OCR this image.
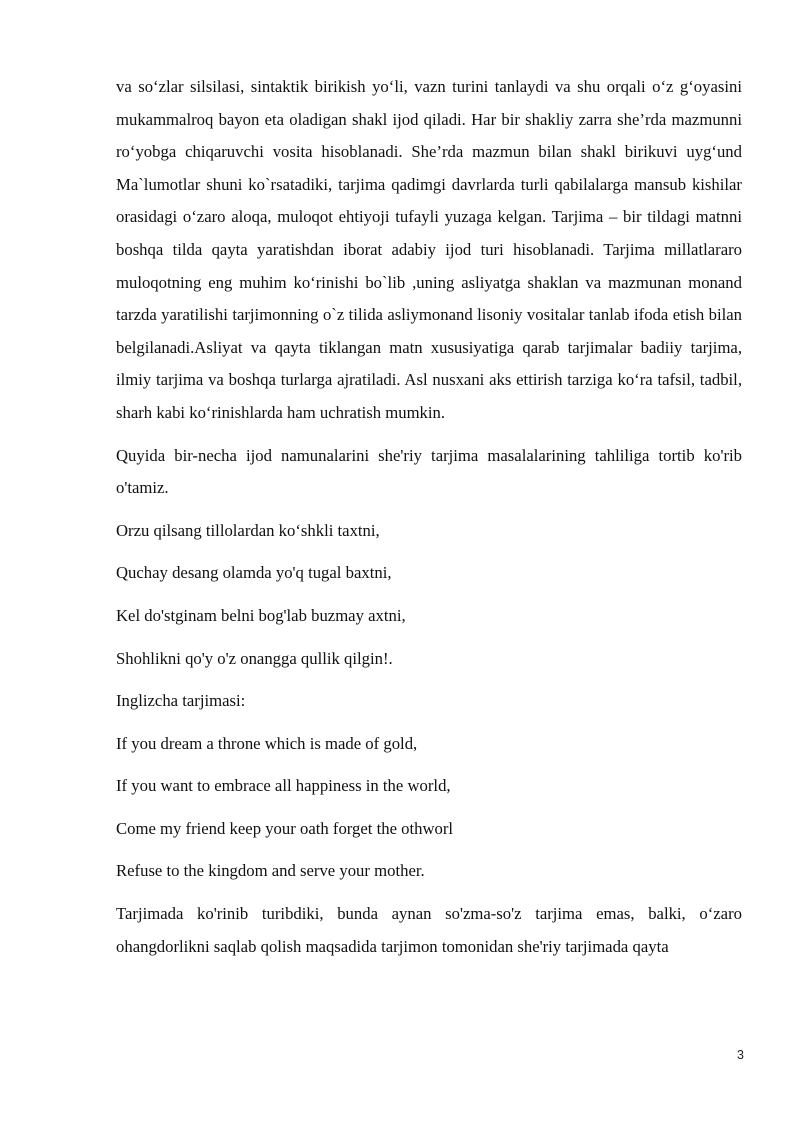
va so‘zlar silsilasi, sintaktik birikish yo‘li, vazn turini tanlaydi va shu orqali o‘z g‘oyasini mukammalroq bayon eta oladigan shakl ijod qiladi. Har bir shakliy zarra she’rda mazmunni ro‘yobga chiqaruvchi vosita hisoblanadi. She’rda mazmun bilan shakl birikuvi uyg‘und Ma`lumotlar shuni ko`rsatadiki, tarjima qadimgi davrlarda turli qabilalarga mansub kishilar orasidagi o‘zaro aloqa, muloqot ehtiyoji tufayli yuzaga kelgan. Tarjima – bir tildagi matnni boshqa tilda qayta yaratishdan iborat adabiy ijod turi hisoblanadi. Tarjima millatlararo muloqotning eng muhim ko‘rinishi bo`lib ,uning asliyatga shaklan va mazmunan monand tarzda yaratilishi tarjimonning o`z tilida asliymonand lisoniy vositalar tanlab ifoda etish bilan belgilanadi.Asliyat va qayta tiklangan matn xususiyatiga qarab tarjimalar badiiy tarjima, ilmiy tarjima va boshqa turlarga ajratiladi. Asl nusxani aks ettirish tarziga ko‘ra tafsil, tadbil, sharh kabi ko‘rinishlarda ham uchratish mumkin.

Quyida bir-necha ijod namunalarini she'riy tarjima masalalarining tahliliga tortib ko'rib o'tamiz.

Orzu qilsang tillolardan ko‘shkli taxtni,

Quchay desang olamda yo'q tugal baxtni,

Kel do'stginam belni bog'lab buzmay axtni,

Shohlikni qo'y o'z onangga qullik qilgin!.

Inglizcha tarjimasi:

If you dream a throne which is made of gold,

If you want to embrace all happiness in the world,

Come my friend keep your oath forget the othworl

Refuse to the kingdom and serve your mother.

Tarjimada ko'rinib turibdiki, bunda aynan so'zma-so'z tarjima emas, balki, o‘zaro ohangdorlikni saqlab qolish maqsadida tarjimon tomonidan she'riy tarjimada qayta

3
